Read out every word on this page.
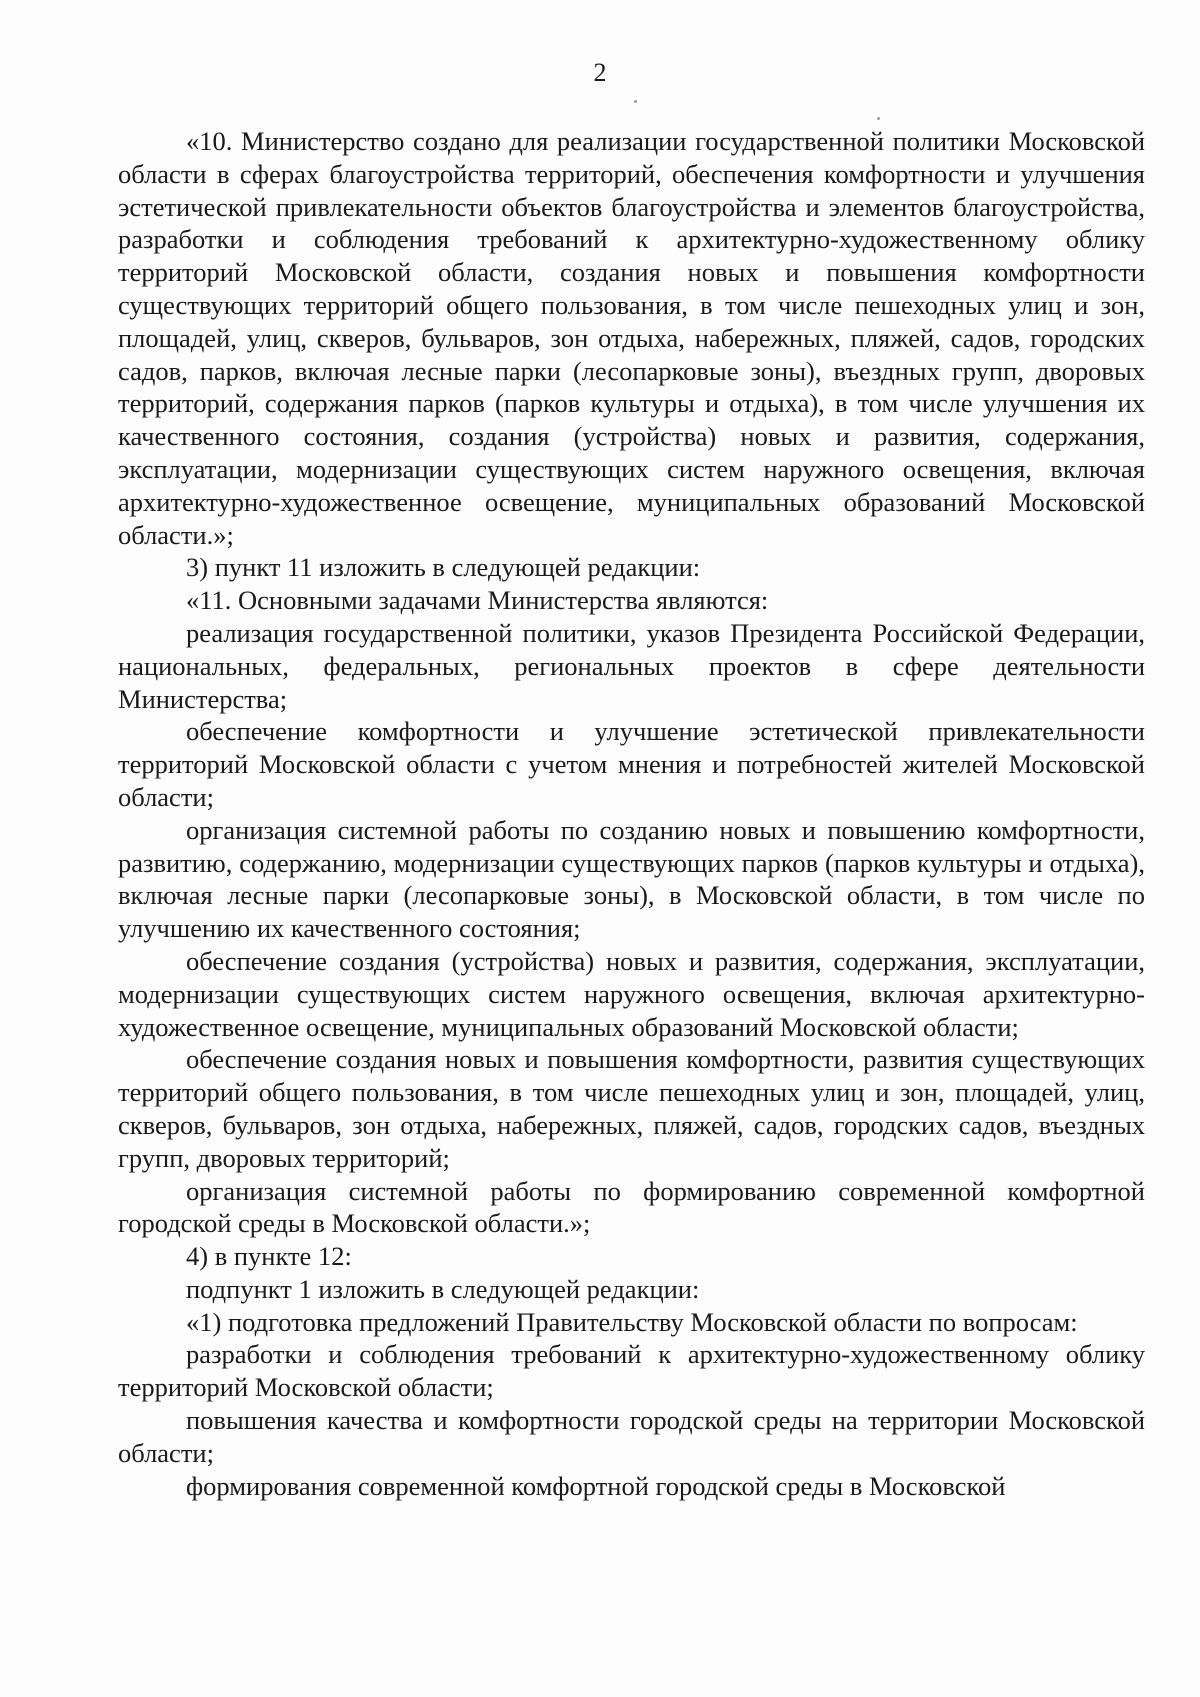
2

«10. Министерство создано для реализации государственной политики Московской области в сферах благоустройства территорий, обеспечения комфортности и улучшения эстетической привлекательности объектов благоустройства и элементов благоустройства, разработки и соблюдения требований к архитектурно-художественному облику территорий Московской области, создания новых и повышения комфортности существующих территорий общего пользования, в том числе пешеходных улиц и зон, площадей, улиц, скверов, бульваров, зон отдыха, набережных, пляжей, садов, городских садов, парков, включая лесные парки (лесопарковые зоны), въездных групп, дворовых территорий, содержания парков (парков культуры и отдыха), в том числе улучшения их качественного состояния, создания (устройства) новых и развития, содержания, эксплуатации, модернизации существующих систем наружного освещения, включая архитектурно-художественное освещение, муниципальных образований Московской области.»;

3) пункт 11 изложить в следующей редакции:

«11. Основными задачами Министерства являются:

реализация государственной политики, указов Президента Российской Федерации, национальных, федеральных, региональных проектов в сфере деятельности Министерства;

обеспечение комфортности и улучшение эстетической привлекательности территорий Московской области с учетом мнения и потребностей жителей Московской области;

организация системной работы по созданию новых и повышению комфортности, развитию, содержанию, модернизации существующих парков (парков культуры и отдыха), включая лесные парки (лесопарковые зоны), в Московской области, в том числе по улучшению их качественного состояния;

обеспечение создания (устройства) новых и развития, содержания, эксплуатации, модернизации существующих систем наружного освещения, включая архитектурно- художественное освещение, муниципальных образований Московской области;

обеспечение создания новых и повышения комфортности, развития существующих территорий общего пользования, в том числе пешеходных улиц и зон, площадей, улиц, скверов, бульваров, зон отдыха, набережных, пляжей, садов, городских садов, въездных групп, дворовых территорий;

организация системной работы по формированию современной комфортной городской среды в Московской области.»;

4) в пункте 12:

подпункт 1 изложить в следующей редакции:

«1) подготовка предложений Правительству Московской области по вопросам:

разработки и соблюдения требований к архитектурно-художественному облику территорий Московской области;

повышения качества и комфортности городской среды на территории Московской области;

формирования современной комфортной городской среды в Московской
